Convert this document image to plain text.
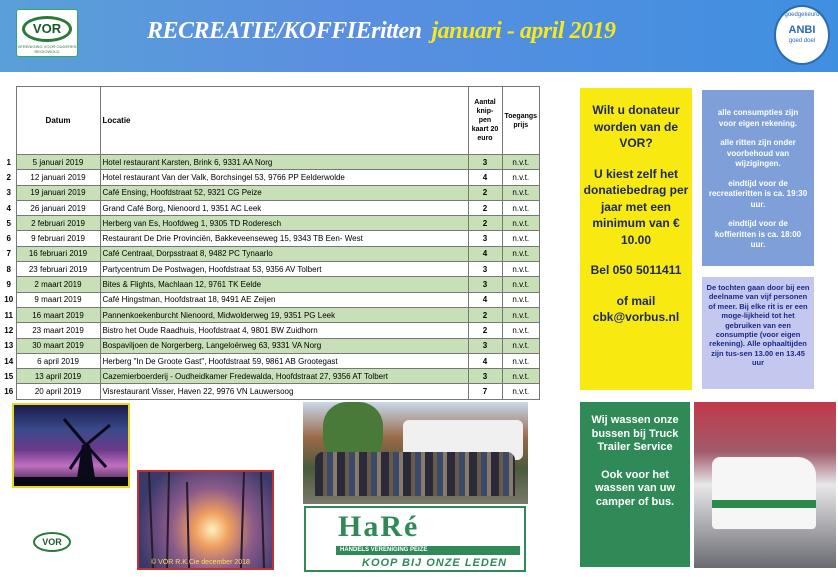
VOR
VERENIGING VOOR OUDEREN REGIOWOLD
RECREATIE/KOFFIEritten januari - april 2019
goedgekeurd
ANBI
goed doel
	Datum	Locatie	Aantal knip-pen kaart 20 euro	Toegangs prijs
1	5 januari 2019	Hotel restaurant Karsten, Brink 6, 9331 AA Norg	3	n.v.t.
2	12 januari 2019	Hotel restaurant Van der Valk, Borchsingel 53, 9766 PP Eelderwolde	4	n.v.t.
3	19 januari 2019	Café Ensing, Hoofdstraat 52, 9321 CG Peize	2	n.v.t.
4	26 januari 2019	Grand Café Borg, Nienoord 1, 9351 AC Leek	2	n.v.t.
5	2 februari 2019	Herberg van Es, Hoofdweg 1, 9305 TD Roderesch	2	n.v.t.
6	9 februari 2019	Restaurant De Drie Provinciën, Bakkeveenseweg 15, 9343 TB Een- West	3	n.v.t.
7	16 februari 2019	Café Centraal, Dorpsstraat 8, 9482 PC Tynaarlo	4	n.v.t.
8	23 februari 2019	Partycentrum De Postwagen, Hoofdstraat 53, 9356 AV Tolbert	3	n.v.t.
9	2 maart 2019	Bites & Flights, Machlaan 12, 9761 TK Eelde	3	n.v.t.
10	9 maart 2019	Café Hingstman, Hoofdstraat 18, 9491 AE Zeijen	4	n.v.t.
11	16 maart 2019	Pannenkoekenburcht Nienoord, Midwolderweg 19, 9351 PG Leek	2	n.v.t.
12	23 maart 2019	Bistro het Oude Raadhuis, Hoofdstraat 4, 9801 BW Zuidhorn	2	n.v.t.
13	30 maart 2019	Bospaviljoen de Norgerberg, Langeloërweg 63, 9331 VA Norg	3	n.v.t.
14	6 april 2019	Herberg "In De Groote Gast", Hoofdstraat 59, 9861 AB Grootegast	4	n.v.t.
15	13 april 2019	Cazemierboerderij - Oudheidkamer Fredewalda, Hoofdstraat 27, 9356 AT Tolbert	3	n.v.t.
16	20 april 2019	Visrestaurant Visser, Haven 22, 9976 VN Lauwersoog	7	n.v.t.

Wilt u donateur worden van de VOR?

U kiest zelf het donatiebedrag per jaar met een minimum van € 10.00

Bel 050 5011411

of mail cbk@vorbus.nl

alle consumpties zijn voor eigen rekening.

alle ritten zijn onder voorbehoud van wijzigingen.

eindtijd voor de recreatieritten is ca. 19:30 uur.

eindtijd voor de koffieritten is ca. 18:00 uur.

De tochten gaan door bij een deelname van vijf personen of meer. Bij elke rit is er een moge-lijkheid tot het gebruiken van een consumptie (voor eigen rekening). Alle ophaaltijden zijn tus-sen 13.00 en 13.45 uur

Wij wassen onze bussen bij Truck Trailer Service

Ook voor het wassen van uw camper of bus.

HaRé
HANDELS VERENIGING PEIZE
KOOP BIJ ONZE LEDEN
VOR
© VOR R.K.Cie december 2018
